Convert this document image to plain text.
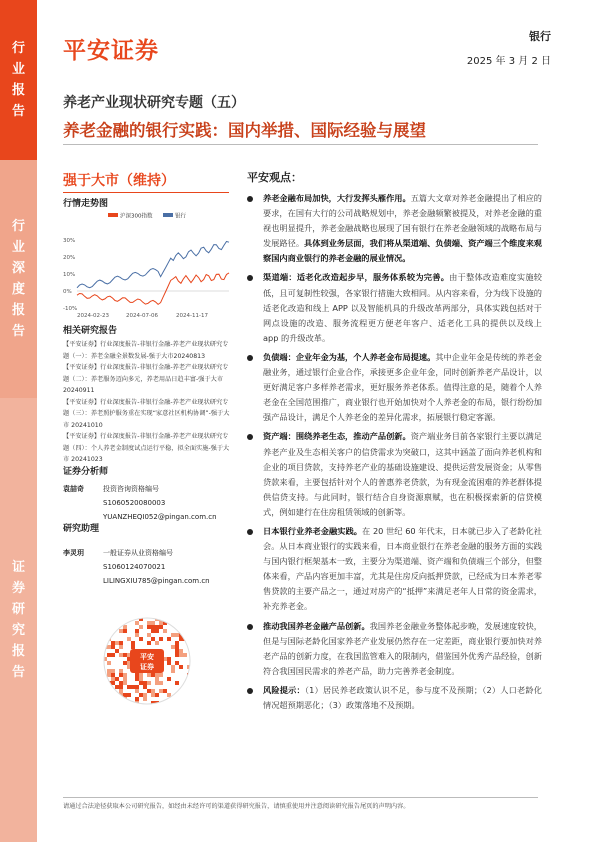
行业报告
行业深度报告
证券研究报告
平安证券
银行
2025 年 3 月 2 日
养老产业现状研究专题（五）
养老金融的银行实践：国内举措、国际经验与展望
强于大市（维持）
行情走势图
沪深300指数	银行
30%
20%
10%
0%
-10%
2024-02-23	2024-07-06	2024-11-17
相关研究报告

【平安证券】行业深度报告-非银行金融-养老产业现状研究专题（一）：养老金融全景数发展-强于大市20240813

【平安证券】行业深度报告-非银行金融-养老产业现状研究专题（二）：养老服务迈向多元，养老用品日趋丰富-强于大市 20240911

【平安证券】行业深度报告-非银行金融-养老产业现状研究专题（三）：养老照护服务重在实现“家意社区机构协调”-强于大市 20241010

【平安证券】行业深度报告-非银行金融-养老产业现状研究专题（四）：个人养老金制度试点运行平稳，拟全面实施-强于大市 20241023

证券分析师
袁喆奇	投资咨询资格编号
S1060520080003
YUANZHEQI052@pingan.com.cn
研究助理
李灵玥	一般证券从业资格编号
S1060124070021
LILINGXIU785@pingan.com.cn
平安
证券
平安观点：
养老金融布局加快，大行发挥头雁作用。五篇大文章对养老金融提出了相应的要求，在国有大行的公司战略规划中，养老金融频繁被提及，对养老金融的重视也明显提升，养老金融战略也展现了国有银行在养老金融领域的战略布局与发展路径。具体到业务层面，我们将从渠道端、负债端、资产端三个维度来观察国内商业银行的养老金融的展业情况。
渠道端：适老化改造起步早，服务体系较为完善。由于整体改造难度实施较低，且可复制性较强，各家银行措施大致相同。从内容来看，分为线下设施的适老化改造和线上 APP 以及智能机具的升级改革两部分，具体实践包括对于网点设施的改造、服务流程更方便老年客户、适老化工具的提供以及线上 app 的升级改革。
负债端：企业年金为基，个人养老金布局提速。其中企业年金是传统的养老金融业务，通过银行企业合作，承接更多企业年金，同时创新养老产品设计，以更好满足客户多样养老需求，更好服务养老体系。值得注意的是，随着个人养老金在全国范围推广，商业银行也开始加快对个人养老金的布局，银行纷纷加强产品设计，满足个人养老金的差异化需求，拓展银行稳定客源。
资产端：围绕养老生态，推动产品创新。资产端业务目前各家银行主要以满足养老产业及生态相关客户的信贷需求为突破口，这其中涵盖了面向养老机构和企业的项目贷款，支持养老产业的基础设施建设、提供运营发展资金；从零售贷款来看，主要包括针对个人的普惠养老贷款，为有现金流困难的养老群体提供信贷支持。与此同时，银行结合自身资源禀赋，也在积极探索新的信贷模式，例如建行在住房租赁领域的创新等。
日本银行业养老金融实践。在 20 世纪 60 年代末，日本就已步入了老龄化社会。从日本商业银行的实践来看，日本商业银行在养老金融的服务方面的实践与国内银行框架基本一致，主要分为渠道端、资产端和负债端三个部分，但整体来看，产品内容更加丰富，尤其是住房反向抵押贷款，已经成为日本养老零售贷款的主要产品之一，通过对房产的“抵押”来满足老年人日常的资金需求，补充养老金。
推动我国养老金融产品创新。我国养老金融业务整体起步晚，发展速度较快，但是与国际老龄化国家养老产业发展仍然存在一定差距，商业银行要加快对养老产品的创新力度，在我国监管难入的限制内，借鉴国外优秀产品经验，创新符合我国国民需求的养老产品，助力完善养老金制度。
风险提示：（1）居民养老政策认识不足，参与度不及预期；（2）人口老龄化情况超预期恶化；（3）政策落地不及预期。
请通过合法途径获取本公司研究报告，如经由未经许可的渠道获得研究报告，请慎重使用并注意阅读研究报告尾页的声明内容。
